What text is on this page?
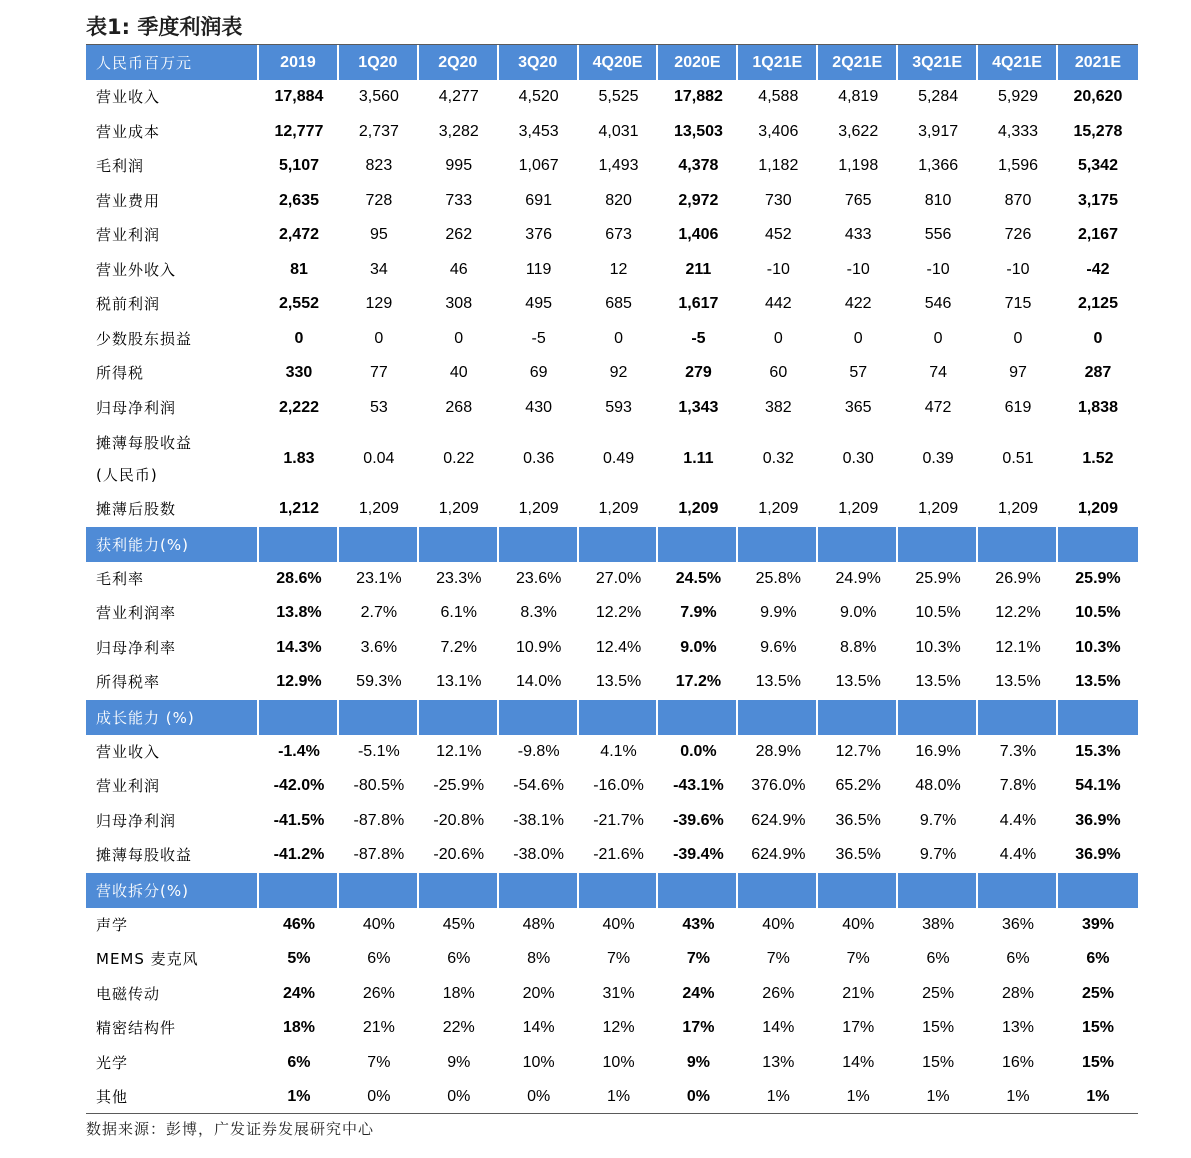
表1: 季度利润表
人民币百万元	2019	1Q20	2Q20	3Q20	4Q20E	2020E	1Q21E	2Q21E	3Q21E	4Q21E	2021E

营业收入	17,884	3,560	4,277	4,520	5,525	17,882	4,588	4,819	5,284	5,929	20,620

营业成本	12,777	2,737	3,282	3,453	4,031	13,503	3,406	3,622	3,917	4,333	15,278

毛利润	5,107	823	995	1,067	1,493	4,378	1,182	1,198	1,366	1,596	5,342

营业费用	2,635	728	733	691	820	2,972	730	765	810	870	3,175

营业利润	2,472	95	262	376	673	1,406	452	433	556	726	2,167

营业外收入	81	34	46	119	12	211	-10	-10	-10	-10	-42

税前利润	2,552	129	308	495	685	1,617	442	422	546	715	2,125

少数股东损益	0	0	0	-5	0	-5	0	0	0	0	0

所得税	330	77	40	69	92	279	60	57	74	97	287

归母净利润	2,222	53	268	430	593	1,343	382	365	472	619	1,838

摊薄每股收益
(人民币)	1.83	0.04	0.22	0.36	0.49	1.11	0.32	0.30	0.39	0.51	1.52

摊薄后股数	1,212	1,209	1,209	1,209	1,209	1,209	1,209	1,209	1,209	1,209	1,209
获利能力(%)											

毛利率	28.6%	23.1%	23.3%	23.6%	27.0%	24.5%	25.8%	24.9%	25.9%	26.9%	25.9%

营业利润率	13.8%	2.7%	6.1%	8.3%	12.2%	7.9%	9.9%	9.0%	10.5%	12.2%	10.5%

归母净利率	14.3%	3.6%	7.2%	10.9%	12.4%	9.0%	9.6%	8.8%	10.3%	12.1%	10.3%

所得税率	12.9%	59.3%	13.1%	14.0%	13.5%	17.2%	13.5%	13.5%	13.5%	13.5%	13.5%
成长能力 (%)											

营业收入	-1.4%	-5.1%	12.1%	-9.8%	4.1%	0.0%	28.9%	12.7%	16.9%	7.3%	15.3%

营业利润	-42.0%	-80.5%	-25.9%	-54.6%	-16.0%	-43.1%	376.0%	65.2%	48.0%	7.8%	54.1%

归母净利润	-41.5%	-87.8%	-20.8%	-38.1%	-21.7%	-39.6%	624.9%	36.5%	9.7%	4.4%	36.9%

摊薄每股收益	-41.2%	-87.8%	-20.6%	-38.0%	-21.6%	-39.4%	624.9%	36.5%	9.7%	4.4%	36.9%
营收拆分(%)											

声学	46%	40%	45%	48%	40%	43%	40%	40%	38%	36%	39%

MEMS 麦克风	5%	6%	6%	8%	7%	7%	7%	7%	6%	6%	6%

电磁传动	24%	26%	18%	20%	31%	24%	26%	21%	25%	28%	25%

精密结构件	18%	21%	22%	14%	12%	17%	14%	17%	15%	13%	15%

光学	6%	7%	9%	10%	10%	9%	13%	14%	15%	16%	15%

其他	1%	0%	0%	0%	1%	0%	1%	1%	1%	1%	1%
数据来源：彭博，广发证券发展研究中心
